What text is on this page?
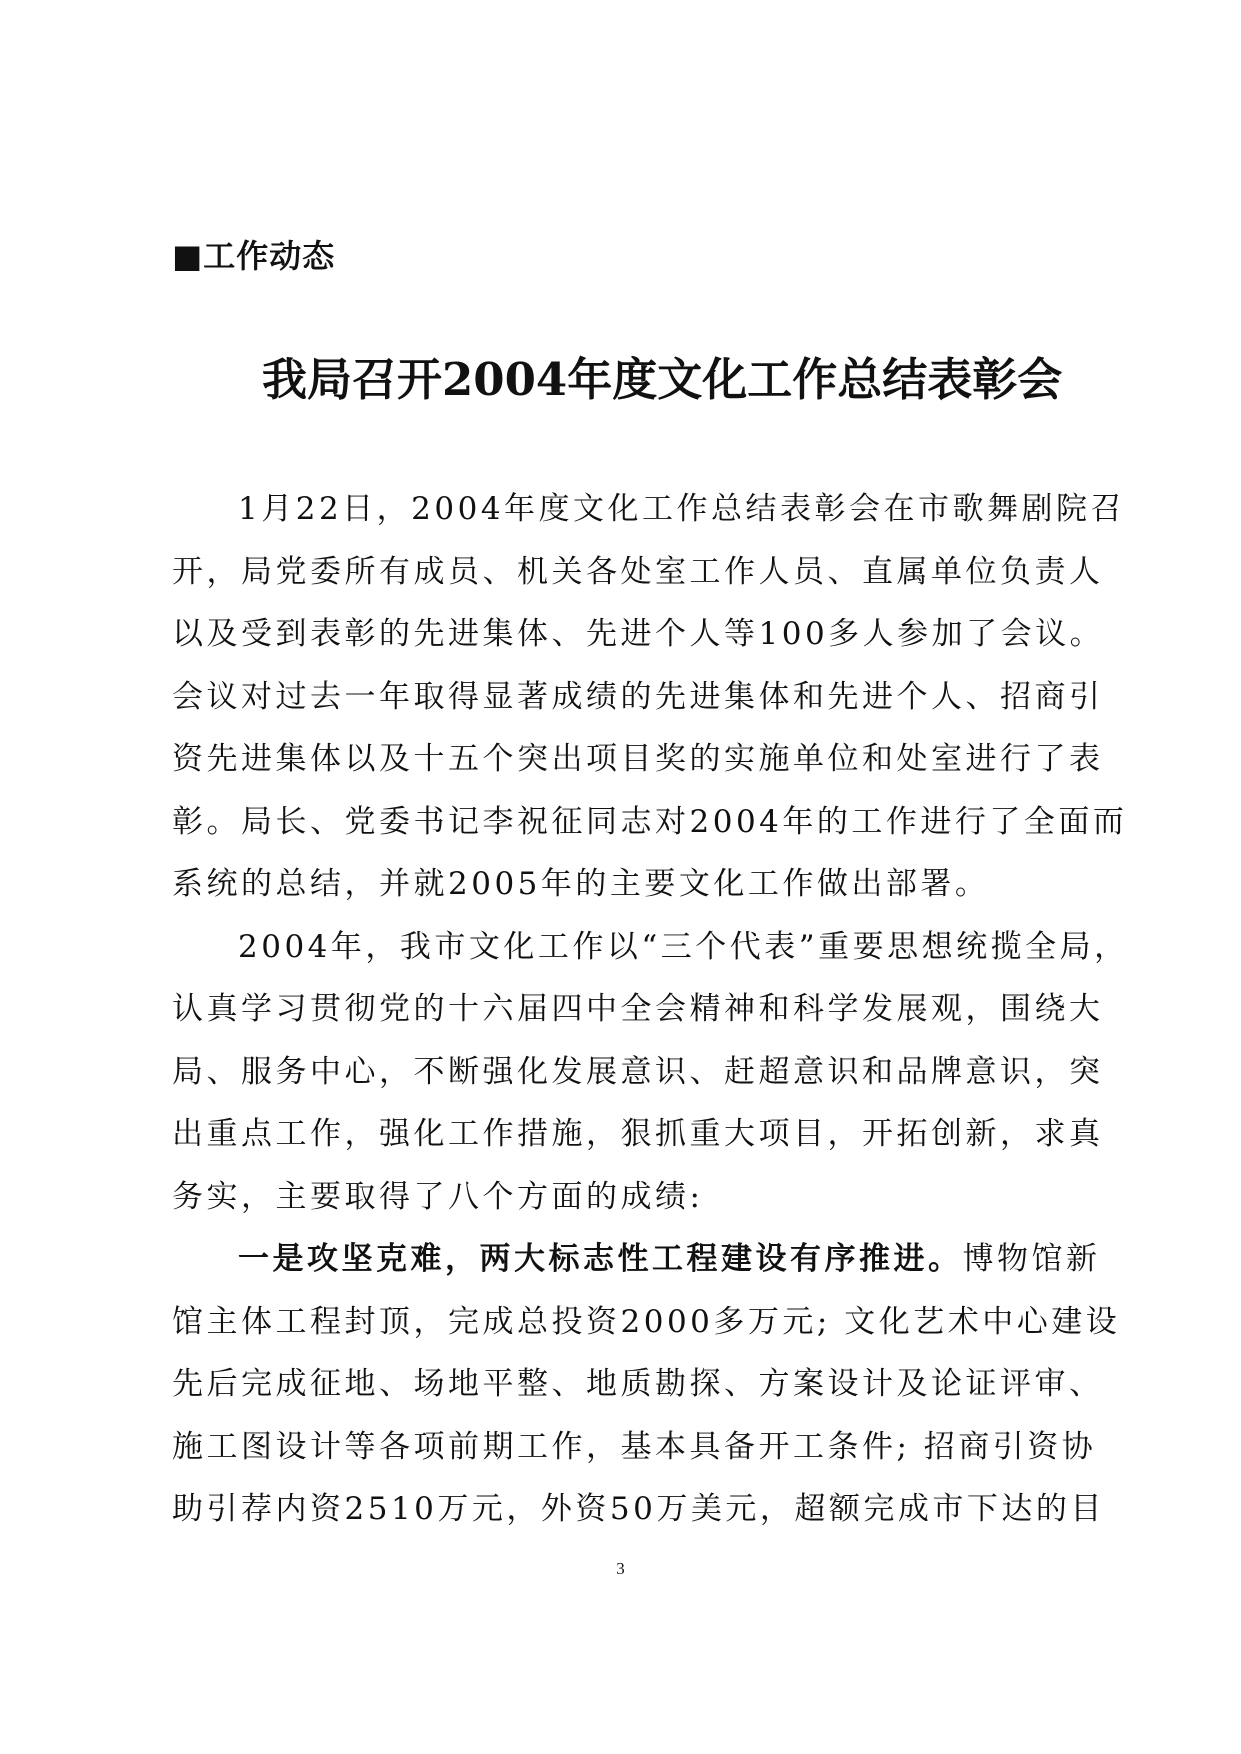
■工作动态
我局召开2004年度文化工作总结表彰会
1月22日，2004年度文化工作总结表彰会在市歌舞剧院召
开，局党委所有成员、机关各处室工作人员、直属单位负责人
以及受到表彰的先进集体、先进个人等100多人参加了会议。
会议对过去一年取得显著成绩的先进集体和先进个人、招商引
资先进集体以及十五个突出项目奖的实施单位和处室进行了表
彰。局长、党委书记李祝征同志对2004年的工作进行了全面而
系统的总结，并就2005年的主要文化工作做出部署。
2004年，我市文化工作以“三个代表”重要思想统揽全局，
认真学习贯彻党的十六届四中全会精神和科学发展观，围绕大
局、服务中心，不断强化发展意识、赶超意识和品牌意识，突
出重点工作，强化工作措施，狠抓重大项目，开拓创新，求真
务实，主要取得了八个方面的成绩:
一是攻坚克难，两大标志性工程建设有序推进。博物馆新
馆主体工程封顶，完成总投资2000多万元; 文化艺术中心建设
先后完成征地、场地平整、地质勘探、方案设计及论证评审、
施工图设计等各项前期工作，基本具备开工条件; 招商引资协
助引荐内资2510万元，外资50万美元，超额完成市下达的目
3
